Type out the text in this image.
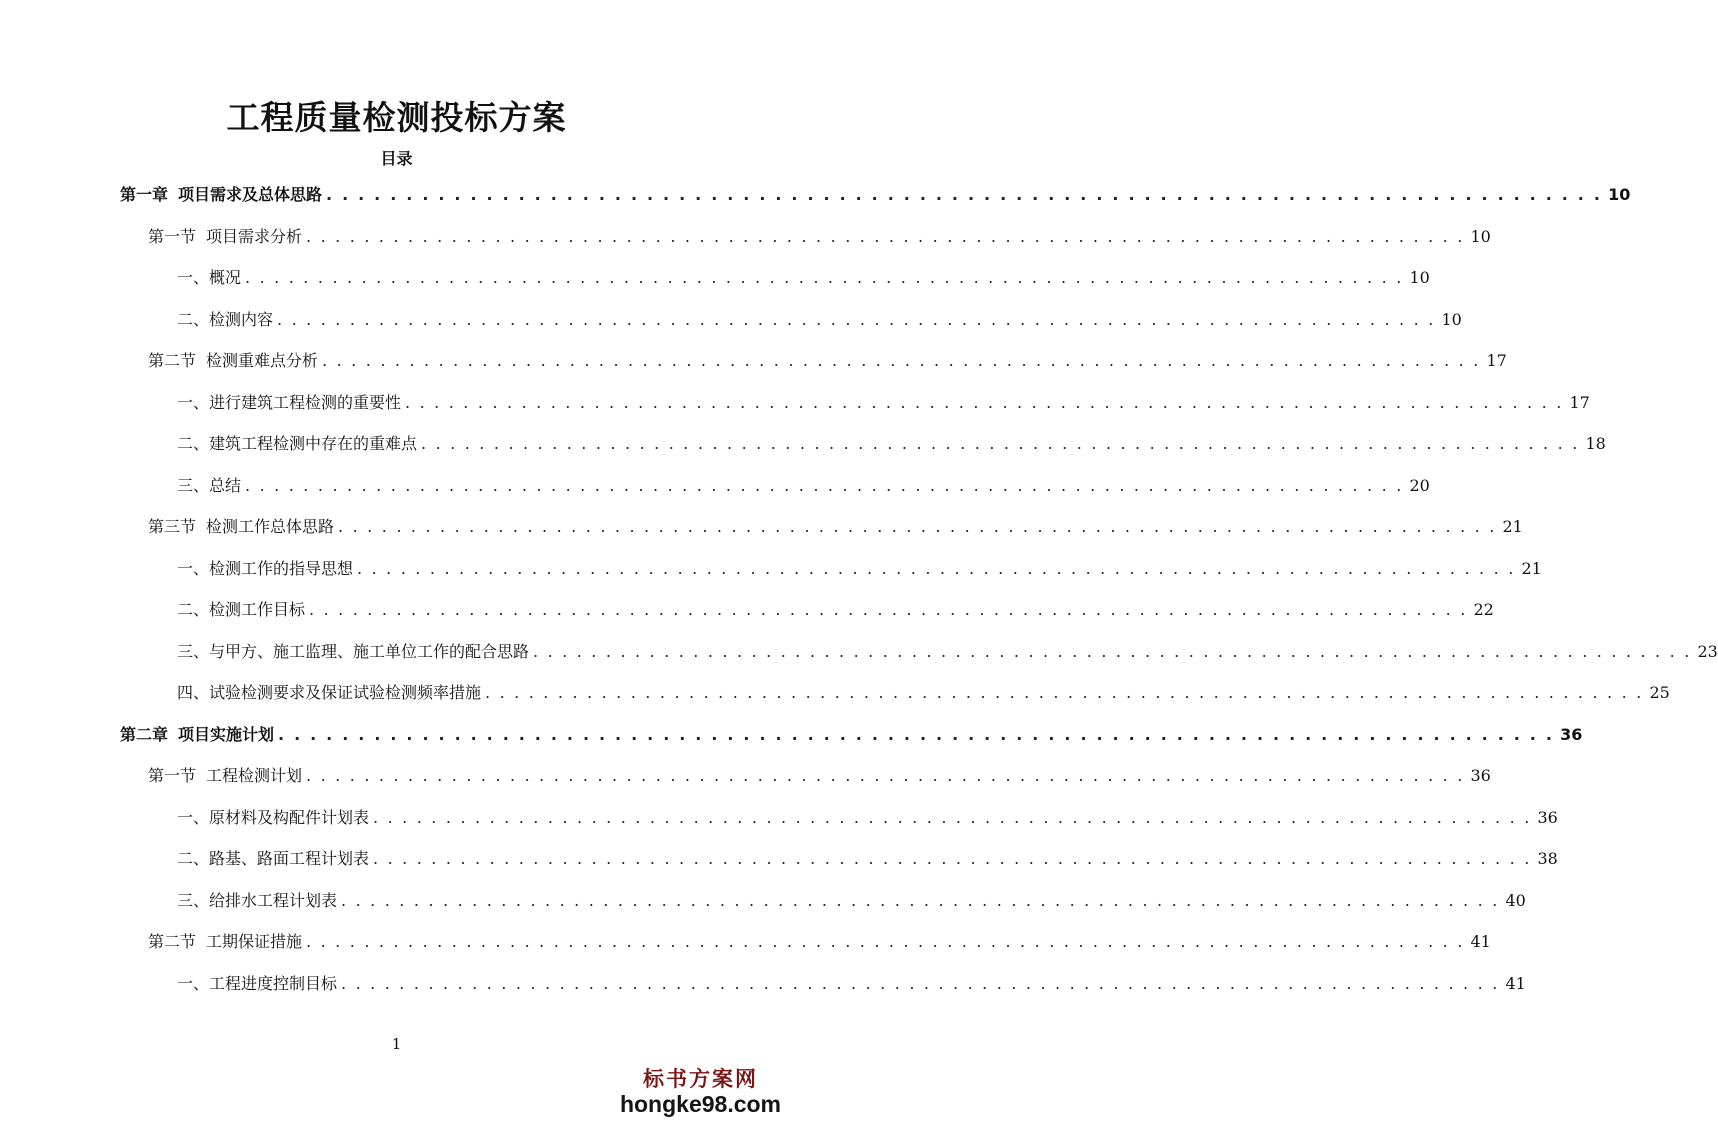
工程质量检测投标方案
目录
第一章 项目需求及总体思路 . . . . . . . . . . . . . . . . . . . . . . . . . . . . . . . . . . . . . . . . . . . . . . . . . . . . . . . . . . . . . . . . . . . . . . . . . . . . . . . . 10
第一节 项目需求分析 . . . . . . . . . . . . . . . . . . . . . . . . . . . . . . . . . . . . . . . . . . . . . . . . . . . . . . . . . . . . . . . . . . . . . . . . . . . . . . . . 10
一、概况 . . . . . . . . . . . . . . . . . . . . . . . . . . . . . . . . . . . . . . . . . . . . . . . . . . . . . . . . . . . . . . . . . . . . . . . . . . . . . . . . 10
二、检测内容 . . . . . . . . . . . . . . . . . . . . . . . . . . . . . . . . . . . . . . . . . . . . . . . . . . . . . . . . . . . . . . . . . . . . . . . . . . . . . . . . 10
第二节 检测重难点分析 . . . . . . . . . . . . . . . . . . . . . . . . . . . . . . . . . . . . . . . . . . . . . . . . . . . . . . . . . . . . . . . . . . . . . . . . . . . . . . . . 17
一、进行建筑工程检测的重要性 . . . . . . . . . . . . . . . . . . . . . . . . . . . . . . . . . . . . . . . . . . . . . . . . . . . . . . . . . . . . . . . . . . . . . . . . . . . . . . . . 17
二、建筑工程检测中存在的重难点 . . . . . . . . . . . . . . . . . . . . . . . . . . . . . . . . . . . . . . . . . . . . . . . . . . . . . . . . . . . . . . . . . . . . . . . . . . . . . . . . 18
三、总结 . . . . . . . . . . . . . . . . . . . . . . . . . . . . . . . . . . . . . . . . . . . . . . . . . . . . . . . . . . . . . . . . . . . . . . . . . . . . . . . . 20
第三节 检测工作总体思路 . . . . . . . . . . . . . . . . . . . . . . . . . . . . . . . . . . . . . . . . . . . . . . . . . . . . . . . . . . . . . . . . . . . . . . . . . . . . . . . . 21
一、检测工作的指导思想 . . . . . . . . . . . . . . . . . . . . . . . . . . . . . . . . . . . . . . . . . . . . . . . . . . . . . . . . . . . . . . . . . . . . . . . . . . . . . . . . 21
二、检测工作目标 . . . . . . . . . . . . . . . . . . . . . . . . . . . . . . . . . . . . . . . . . . . . . . . . . . . . . . . . . . . . . . . . . . . . . . . . . . . . . . . . 22
三、与甲方、施工监理、施工单位工作的配合思路 . . . . . . . . . . . . . . . . . . . . . . . . . . . . . . . . . . . . . . . . . . . . . . . . . . . . . . . . . . . . . . . . . . . . . . . . . . . . . . . . 23
四、试验检测要求及保证试验检测频率措施 . . . . . . . . . . . . . . . . . . . . . . . . . . . . . . . . . . . . . . . . . . . . . . . . . . . . . . . . . . . . . . . . . . . . . . . . . . . . . . . . 25
第二章 项目实施计划 . . . . . . . . . . . . . . . . . . . . . . . . . . . . . . . . . . . . . . . . . . . . . . . . . . . . . . . . . . . . . . . . . . . . . . . . . . . . . . . . 36
第一节 工程检测计划 . . . . . . . . . . . . . . . . . . . . . . . . . . . . . . . . . . . . . . . . . . . . . . . . . . . . . . . . . . . . . . . . . . . . . . . . . . . . . . . . 36
一、原材料及构配件计划表 . . . . . . . . . . . . . . . . . . . . . . . . . . . . . . . . . . . . . . . . . . . . . . . . . . . . . . . . . . . . . . . . . . . . . . . . . . . . . . . . 36
二、路基、路面工程计划表 . . . . . . . . . . . . . . . . . . . . . . . . . . . . . . . . . . . . . . . . . . . . . . . . . . . . . . . . . . . . . . . . . . . . . . . . . . . . . . . . 38
三、给排水工程计划表 . . . . . . . . . . . . . . . . . . . . . . . . . . . . . . . . . . . . . . . . . . . . . . . . . . . . . . . . . . . . . . . . . . . . . . . . . . . . . . . . 40
第二节 工期保证措施 . . . . . . . . . . . . . . . . . . . . . . . . . . . . . . . . . . . . . . . . . . . . . . . . . . . . . . . . . . . . . . . . . . . . . . . . . . . . . . . . 41
一、工程进度控制目标 . . . . . . . . . . . . . . . . . . . . . . . . . . . . . . . . . . . . . . . . . . . . . . . . . . . . . . . . . . . . . . . . . . . . . . . . . . . . . . . . 41
1
标书方案网
hongke98.com
